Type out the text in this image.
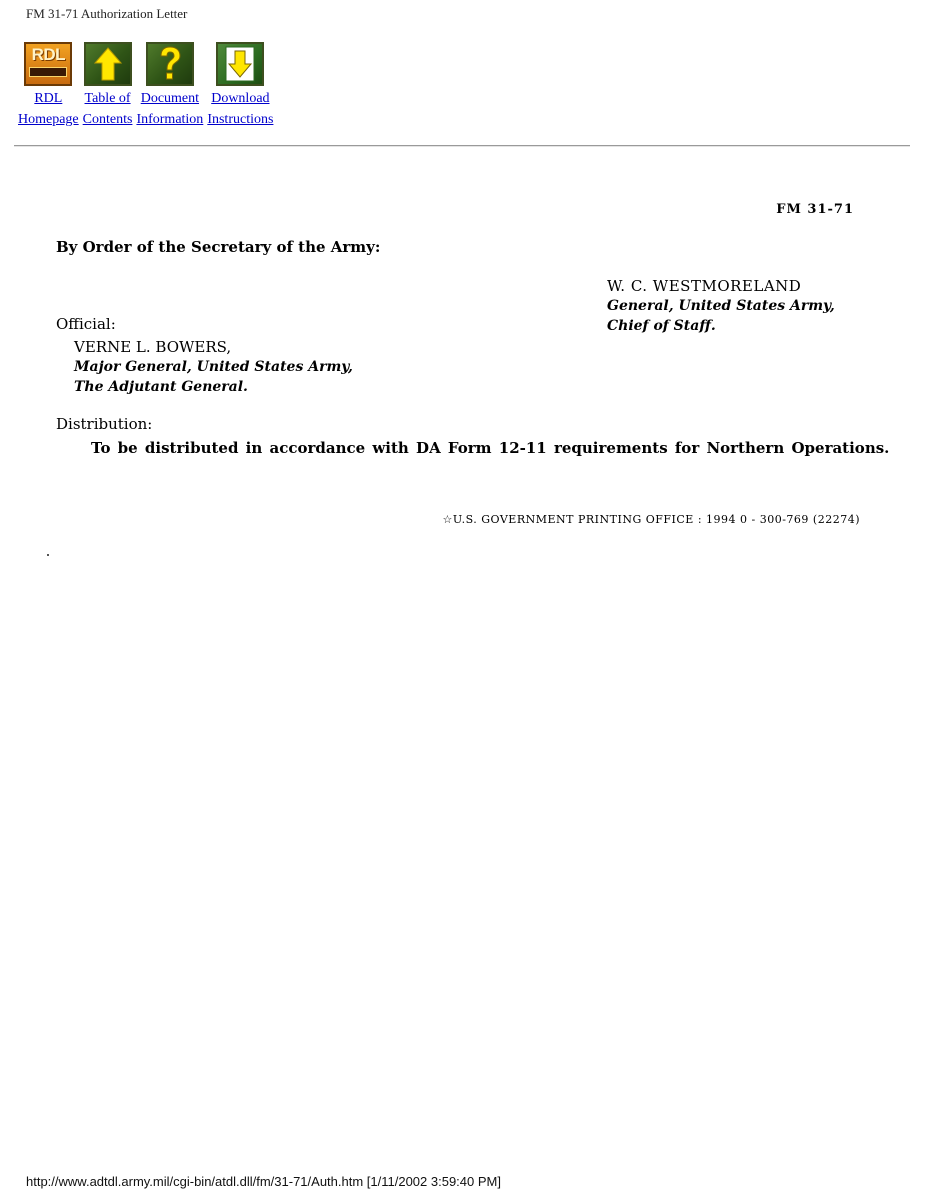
FM 31-71 Authorization Letter
RDL
RDL
Homepage
Table of
Contents
Document
Information
Download
Instructions
FM 31-71
By Order of the Secretary of the Army:
W. C. WESTMORELAND
General, United States Army,
Chief of Staff.
Official:
VERNE L. BOWERS,
Major General, United States Army,
The Adjutant General.
Distribution:
To be distributed in accordance with DA Form 12-11 requirements for Northern Operations.
☆U.S. GOVERNMENT PRINTING OFFICE : 1994 0 - 300-769 (22274)
http://www.adtdl.army.mil/cgi-bin/atdl.dll/fm/31-71/Auth.htm [1/11/2002 3:59:40 PM]
